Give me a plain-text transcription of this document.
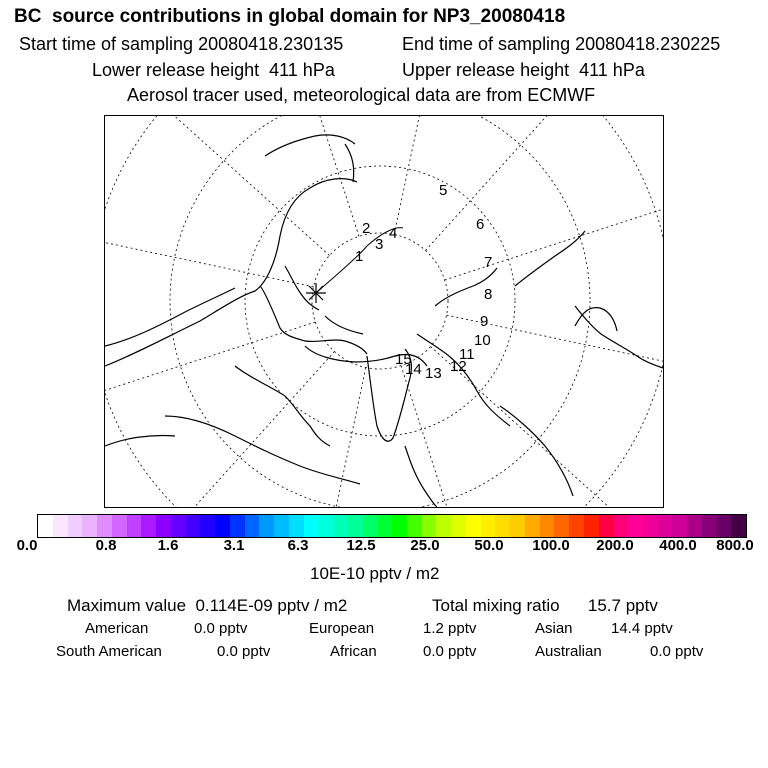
BC  source contributions in global domain for NP3_20080418
Start time of sampling 20080418.230135	End time of sampling 20080418.230225
Lower release height  411 hPa	Upper release height  411 hPa
Aerosol tracer used, meteorological data are from ECMWF
1
2
3
4
5
6
7
8
9
10
11
12
13
14
15
0.0	0.8	1.6	3.1	6.3	12.5 25.0 50.0 100.0 200.0 400.0 800.0
10E-10 pptv / m2
Maximum value  0.114E-09 pptv / m2	Total mixing ratio      15.7 pptv
American	0.0 pptv	European	1.2 pptv	Asian	14.4 pptv
South American	0.0 pptv	African	0.0 pptv	Australian	0.0 pptv
